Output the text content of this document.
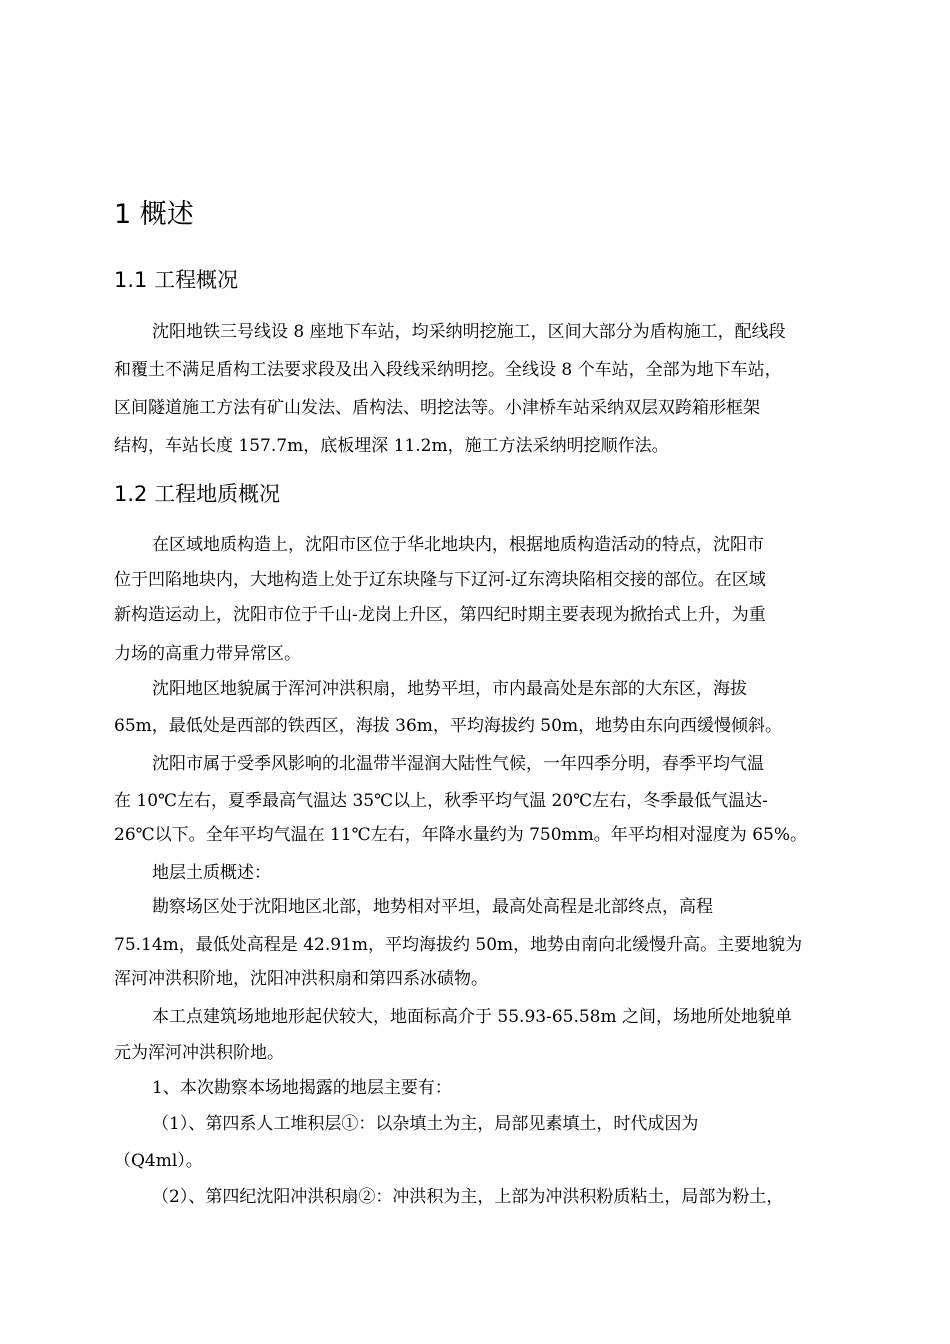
1 概述
1.1 工程概况
沈阳地铁三号线设 8 座地下车站，均采纳明挖施工，区间大部分为盾构施工，配线段
和覆土不满足盾构工法要求段及出入段线采纳明挖。全线设 8 个车站，全部为地下车站，
区间隧道施工方法有矿山发法、盾构法、明挖法等。小津桥车站采纳双层双跨箱形框架
结构，车站长度 157.7m，底板埋深 11.2m，施工方法采纳明挖顺作法。
1.2 工程地质概况
在区域地质构造上，沈阳市区位于华北地块内，根据地质构造活动的特点，沈阳市
位于凹陷地块内，大地构造上处于辽东块隆与下辽河-辽东湾块陷相交接的部位。在区域
新构造运动上，沈阳市位于千山-龙岗上升区，第四纪时期主要表现为掀抬式上升，为重
力场的高重力带异常区。
沈阳地区地貌属于浑河冲洪积扇，地势平坦，市内最高处是东部的大东区，海拔
65m，最低处是西部的铁西区，海拔 36m，平均海拔约 50m，地势由东向西缓慢倾斜。
沈阳市属于受季风影响的北温带半湿润大陆性气候，一年四季分明，春季平均气温
在 10℃左右，夏季最高气温达 35℃以上，秋季平均气温 20℃左右，冬季最低气温达-
26℃以下。全年平均气温在 11℃左右，年降水量约为 750mm。年平均相对湿度为 65%。
地层土质概述：
勘察场区处于沈阳地区北部，地势相对平坦，最高处高程是北部终点，高程
75.14m，最低处高程是 42.91m，平均海拔约 50m，地势由南向北缓慢升高。主要地貌为
浑河冲洪积阶地，沈阳冲洪积扇和第四系冰碛物。
本工点建筑场地地形起伏较大，地面标高介于 55.93-65.58m 之间，场地所处地貌单
元为浑河冲洪积阶地。
1、本次勘察本场地揭露的地层主要有：
（1）、第四系人工堆积层①：以杂填土为主，局部见素填土，时代成因为
（Q4ml）。
（2）、第四纪沈阳冲洪积扇②：冲洪积为主，上部为冲洪积粉质粘土，局部为粉土，
